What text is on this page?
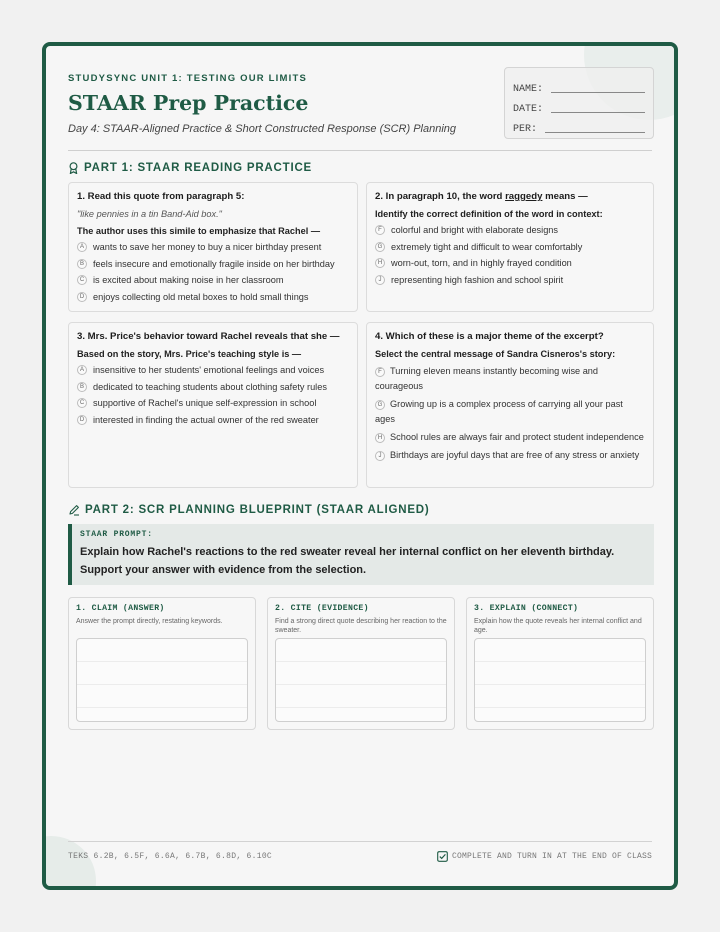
STUDYSYNC UNIT 1: TESTING OUR LIMITS
STAAR Prep Practice
Day 4: STAAR-Aligned Practice & Short Constructed Response (SCR) Planning
NAME:
DATE:
PER:
PART 1: STAAR READING PRACTICE
1. Read this quote from paragraph 5:
"like pennies in a tin Band-Aid box."
The author uses this simile to emphasize that Rachel —
A wants to save her money to buy a nicer birthday present
B feels insecure and emotionally fragile inside on her birthday
C is excited about making noise in her classroom
D enjoys collecting old metal boxes to hold small things
2. In paragraph 10, the word raggedy means —
Identify the correct definition of the word in context:
F colorful and bright with elaborate designs
G extremely tight and difficult to wear comfortably
H worn-out, torn, and in highly frayed condition
J	representing high fashion and school spirit
3. Mrs. Price's behavior toward Rachel reveals that she —
Based on the story, Mrs. Price's teaching style is —
A insensitive to her students' emotional feelings and voices
B dedicated to teaching students about clothing safety rules
C supportive of Rachel's unique self-expression in school
D interested in finding the actual owner of the red sweater
4. Which of these is a major theme of the excerpt?
Select the central message of Sandra Cisneros's story:
F Turning eleven means instantly becoming wise and courageous
G Growing up is a complex process of carrying all your past ages
H School rules are always fair and protect student independence
J Birthdays are joyful days that are free of any stress or anxiety
PART 2: SCR PLANNING BLUEPRINT (STAAR ALIGNED)
STAAR PROMPT:
Explain how Rachel's reactions to the red sweater reveal her internal conflict on her eleventh birthday. Support your answer with evidence from the selection.
1. CLAIM (ANSWER)
Answer the prompt directly, restating keywords.
2. CITE (EVIDENCE)
Find a strong direct quote describing her reaction to the sweater.
3. EXPLAIN (CONNECT)
Explain how the quote reveals her internal conflict and age.
TEKS 6.2B, 6.5F, 6.6A, 6.7B, 6.8D, 6.10C	COMPLETE AND TURN IN AT THE END OF CLASS
